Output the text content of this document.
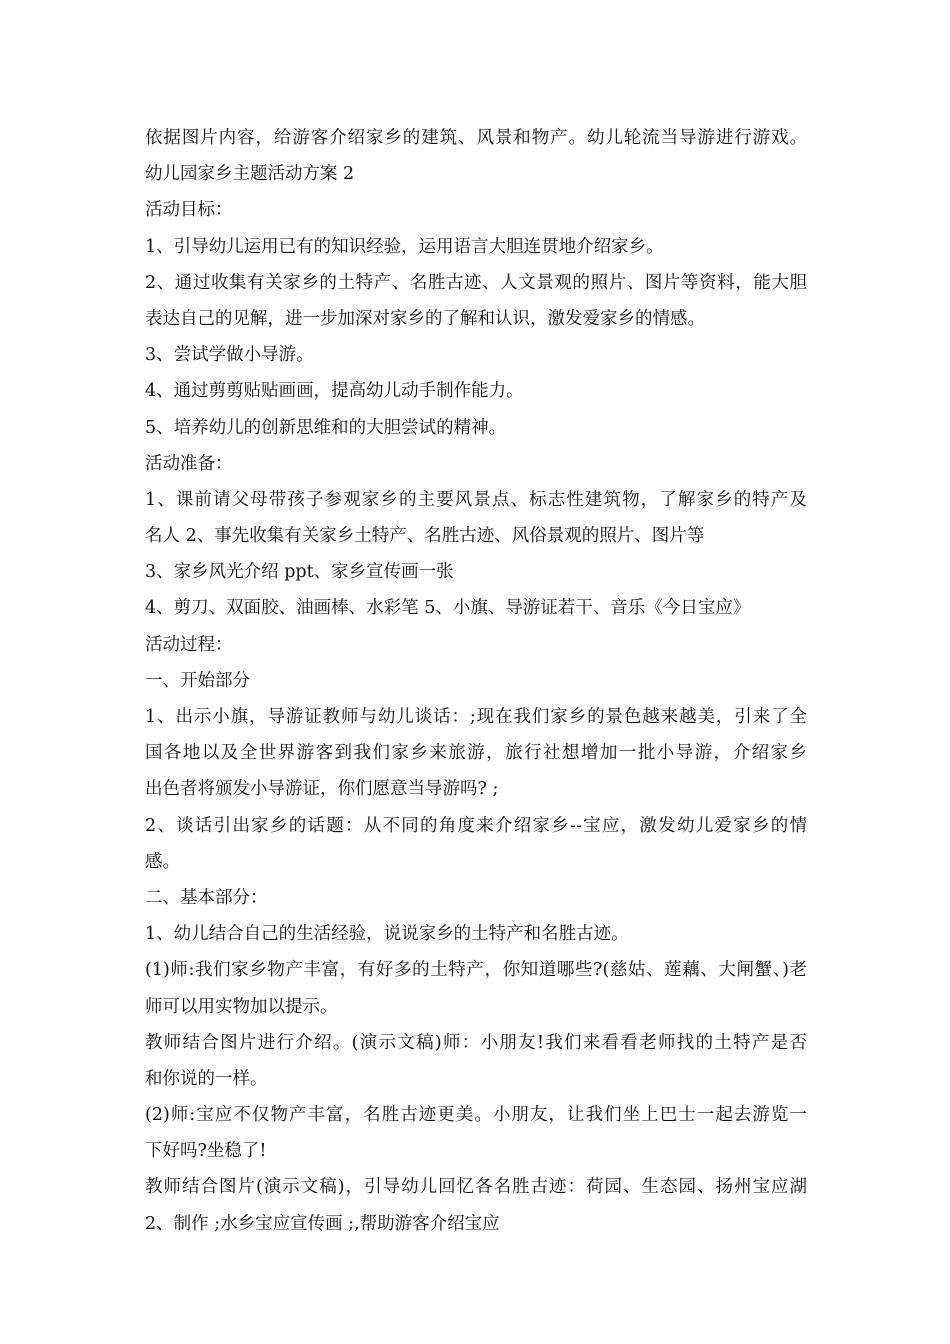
依据图片内容，给游客介绍家乡的建筑、风景和物产。幼儿轮流当导游进行游戏。
幼儿园家乡主题活动方案 2
活动目标：
1、引导幼儿运用已有的知识经验，运用语言大胆连贯地介绍家乡。
2、通过收集有关家乡的土特产、名胜古迹、人文景观的照片、图片等资料，能大胆
表达自己的见解，进一步加深对家乡的了解和认识，激发爱家乡的情感。
3、尝试学做小导游。
4、通过剪剪贴贴画画，提高幼儿动手制作能力。
5、培养幼儿的创新思维和的大胆尝试的精神。
活动准备：
1、课前请父母带孩子参观家乡的主要风景点、标志性建筑物，了解家乡的特产及
名人 2、事先收集有关家乡土特产、名胜古迹、风俗景观的照片、图片等
3、家乡风光介绍 ppt、家乡宣传画一张
4、剪刀、双面胶、油画棒、水彩笔 5、小旗、导游证若干、音乐《今日宝应》
活动过程：
一、开始部分
1、出示小旗，导游证教师与幼儿谈话：;现在我们家乡的景色越来越美，引来了全
国各地以及全世界游客到我们家乡来旅游，旅行社想增加一批小导游，介绍家乡
出色者将颁发小导游证，你们愿意当导游吗? ;
2、谈话引出家乡的话题：从不同的角度来介绍家乡--宝应，激发幼儿爱家乡的情
感。
二、基本部分：
1、幼儿结合自己的生活经验，说说家乡的土特产和名胜古迹。
(1)师:我们家乡物产丰富，有好多的土特产，你知道哪些?(慈姑、莲藕、大闸蟹、)老
师可以用实物加以提示。
教师结合图片进行介绍。(演示文稿)师：小朋友!我们来看看老师找的土特产是否
和你说的一样。
(2)师:宝应不仅物产丰富，名胜古迹更美。小朋友，让我们坐上巴士一起去游览一
下好吗?坐稳了!
教师结合图片(演示文稿)，引导幼儿回忆各名胜古迹：荷园、生态园、扬州宝应湖
2、制作 ;水乡宝应宣传画 ;,帮助游客介绍宝应
